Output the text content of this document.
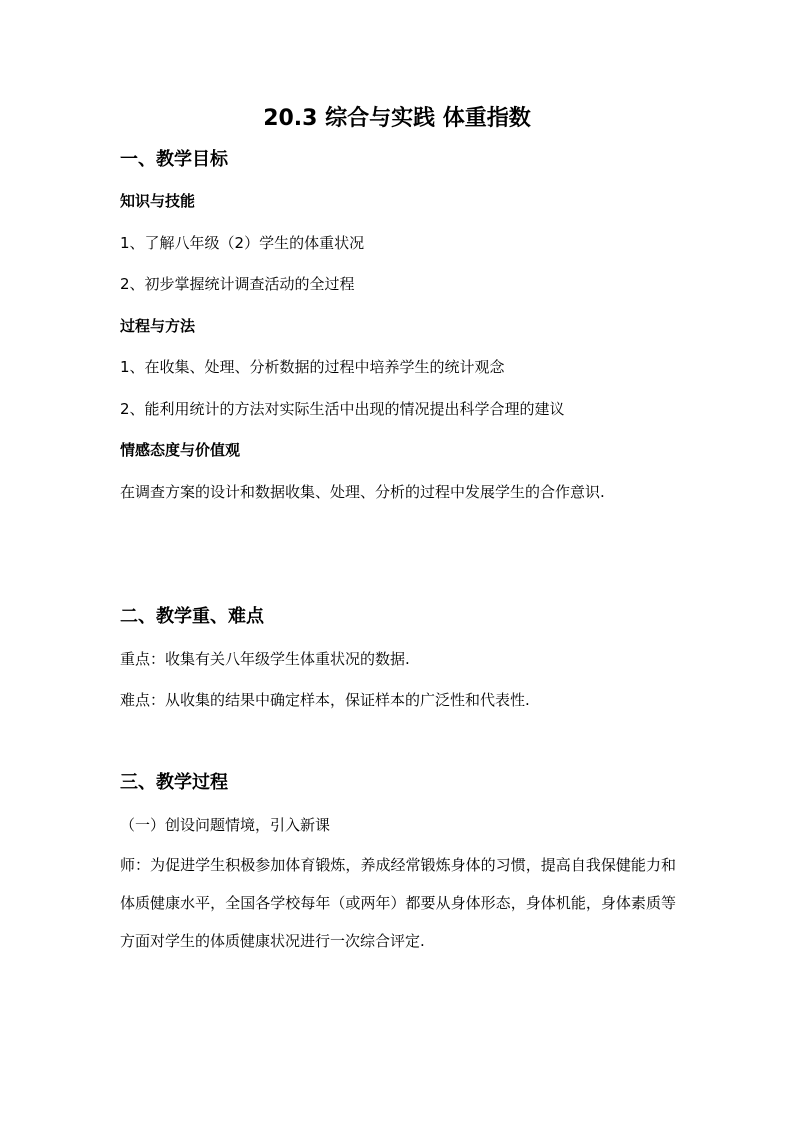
20.3 综合与实践 体重指数
一、教学目标
知识与技能
1、了解八年级（2）学生的体重状况
2、初步掌握统计调查活动的全过程
过程与方法
1、在收集、处理、分析数据的过程中培养学生的统计观念
2、能利用统计的方法对实际生活中出现的情况提出科学合理的建议
情感态度与价值观
在调查方案的设计和数据收集、处理、分析的过程中发展学生的合作意识.
二、教学重、难点
重点：收集有关八年级学生体重状况的数据.
难点：从收集的结果中确定样本，保证样本的广泛性和代表性.
三、教学过程
（一）创设问题情境，引入新课
师：为促进学生积极参加体育锻炼，养成经常锻炼身体的习惯，提高自我保健能力和体质健康水平，全国各学校每年（或两年）都要从身体形态，身体机能，身体素质等方面对学生的体质健康状况进行一次综合评定.
